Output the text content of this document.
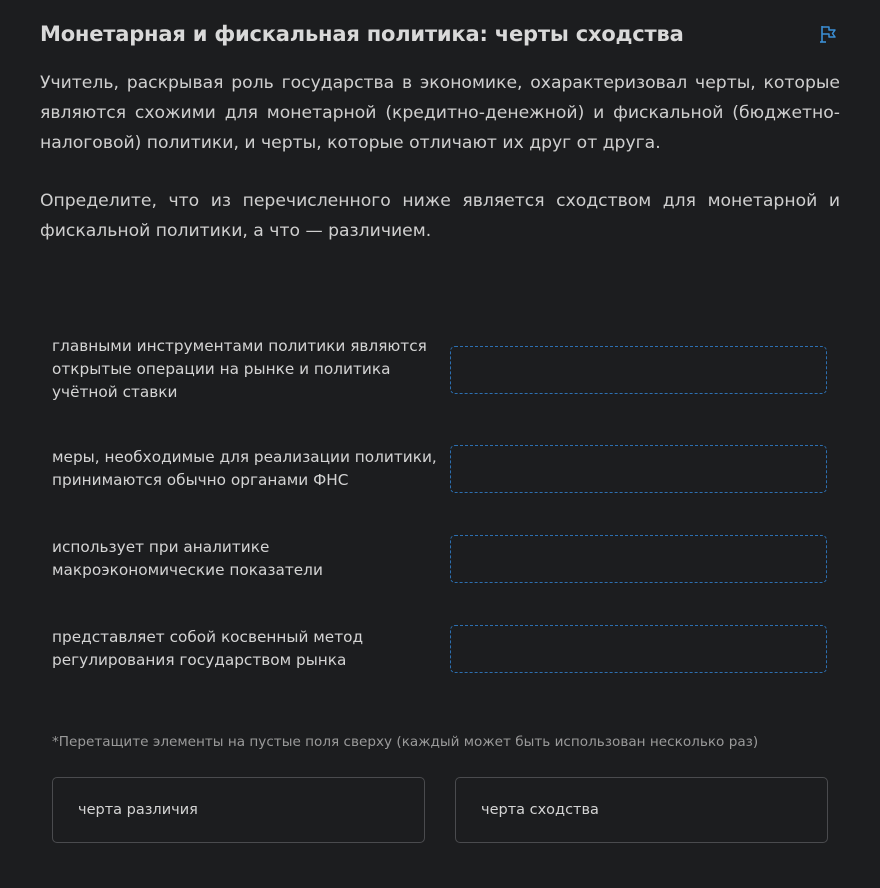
Монетарная и фискальная политика: черты сходства
Учитель, раскрывая роль государства в экономике, охарактеризовал черты, которые являются схожими для монетарной (кредитно-денежной) и фискальной (бюджетно-налоговой) политики, и черты, которые отличают их друг от друга.
Определите, что из перечисленного ниже является сходством для монетарной и фискальной политики, а что — различием.
главными инструментами политики являются открытые операции на рынке и политика учётной ставки
меры, необходимые для реализации политики, принимаются обычно органами ФНС
использует при аналитике макроэкономические показатели
представляет собой косвенный метод регулирования государством рынка
*Перетащите элементы на пустые поля сверху (каждый может быть использован несколько раз)
черта различия	черта сходства
